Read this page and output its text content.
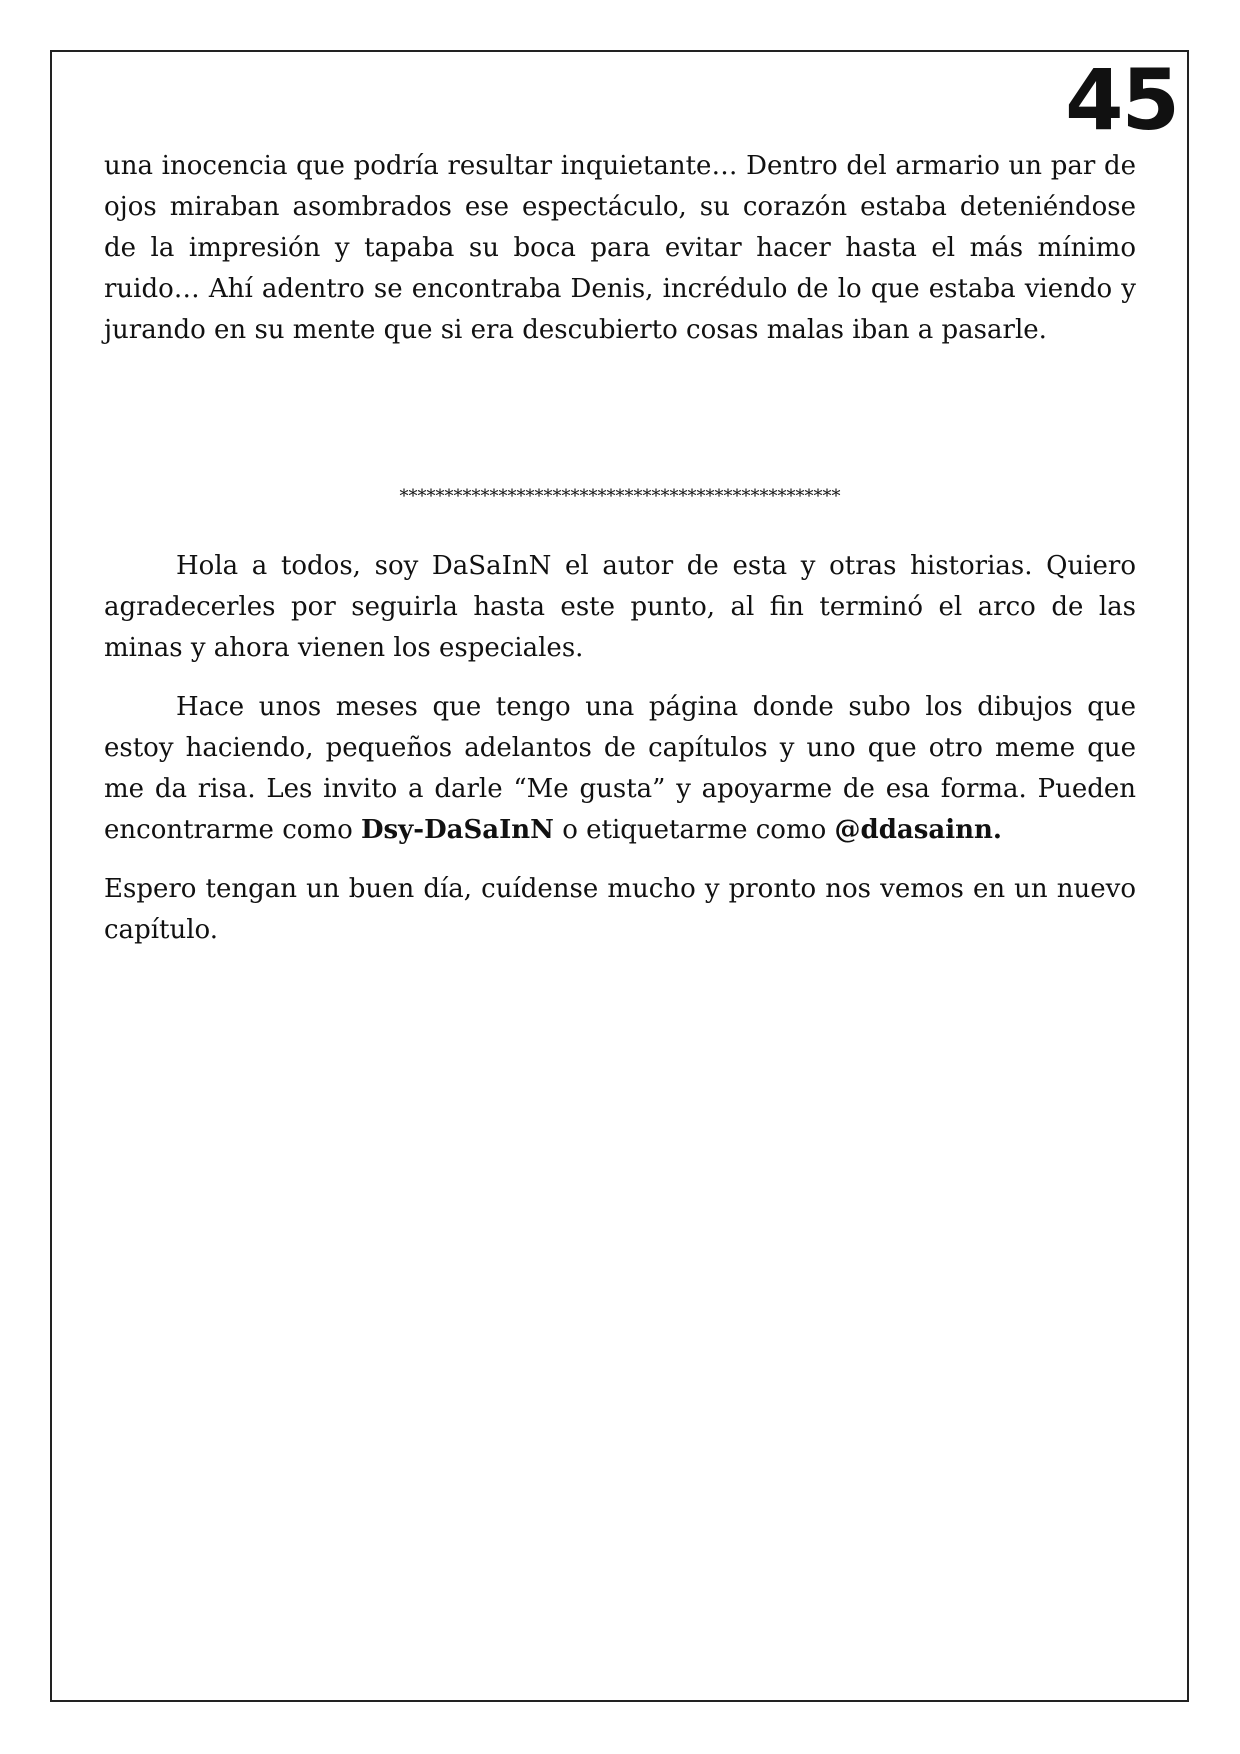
45

una inocencia que podría resultar inquietante… Dentro del armario un par de ojos miraban asombrados ese espectáculo, su corazón estaba deteniéndose de la impresión y tapaba su boca para evitar hacer hasta el más mínimo ruido… Ahí adentro se encontraba Denis, incrédulo de lo que estaba viendo y jurando en su mente que si era descubierto cosas malas iban a pasarle.

*************************************************

Hola a todos, soy DaSaInN el autor de esta y otras historias. Quiero agradecerles por seguirla hasta este punto, al fin terminó el arco de las minas y ahora vienen los especiales.

Hace unos meses que tengo una página donde subo los dibujos que estoy haciendo, pequeños adelantos de capítulos y uno que otro meme que me da risa. Les invito a darle “Me gusta” y apoyarme de esa forma. Pueden encontrarme como Dsy-DaSaInN o etiquetarme como @ddasainn.

Espero tengan un buen día, cuídense mucho y pronto nos vemos en un nuevo capítulo.
